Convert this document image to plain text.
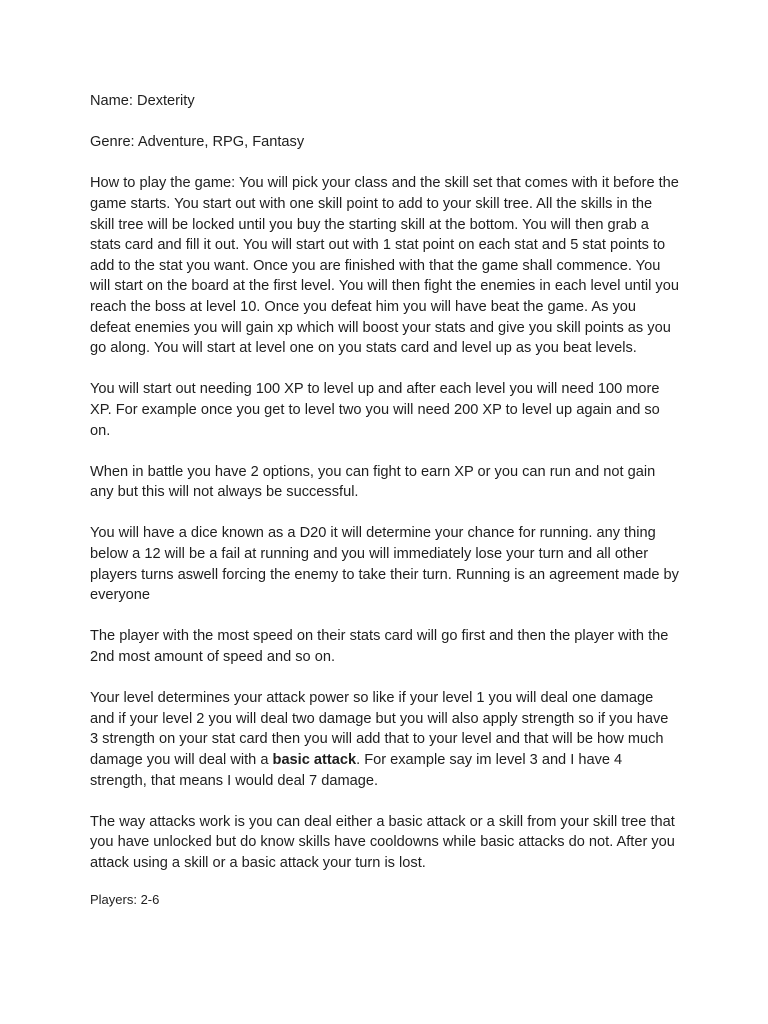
Name: Dexterity

Genre: Adventure, RPG, Fantasy

How to play the game: You will pick your class and the skill set that comes with it before the game starts. You start out with one skill point to add to your skill tree. All the skills in the skill tree will be locked until you buy the starting skill at the bottom. You will then grab a stats card and fill it out. You will start out with 1 stat point on each stat and 5 stat points to add to the stat you want. Once you are finished with that the game shall commence. You will start on the board at the first level. You will then fight the enemies in each level until you reach the boss at level 10. Once you defeat him you will have beat the game. As you defeat enemies you will gain xp which will boost your stats and give you skill points as you go along. You will start at level one on you stats card and level up as you beat levels.

You will start out needing 100 XP to level up and after each level you will need 100 more XP. For example once you get to level two you will need 200 XP to level up again and so on.

When in battle you have 2 options, you can fight to earn XP or you can run and not gain any but this will not always be successful.

You will have a dice known as a D20 it will determine your chance for running. any thing below a 12 will be a fail at running and you will immediately lose your turn and all other players turns aswell forcing the enemy to take their turn. Running is an agreement made by everyone

The player with the most speed on their stats card will go first and then the player with the 2nd most amount of speed and so on.

Your level determines your attack power so like if your level 1 you will deal one damage and if your level 2 you will deal two damage but you will also apply strength so if you have 3 strength on your stat card then you will add that to your level and that will be how much damage you will deal with a basic attack. For example say im level 3 and I have 4 strength, that means I would deal 7 damage.

The way attacks work is you can deal either a basic attack or a skill from your skill tree that you have unlocked but do know skills have cooldowns while basic attacks do not. After you attack using a skill or a basic attack your turn is lost.

Players: 2-6
